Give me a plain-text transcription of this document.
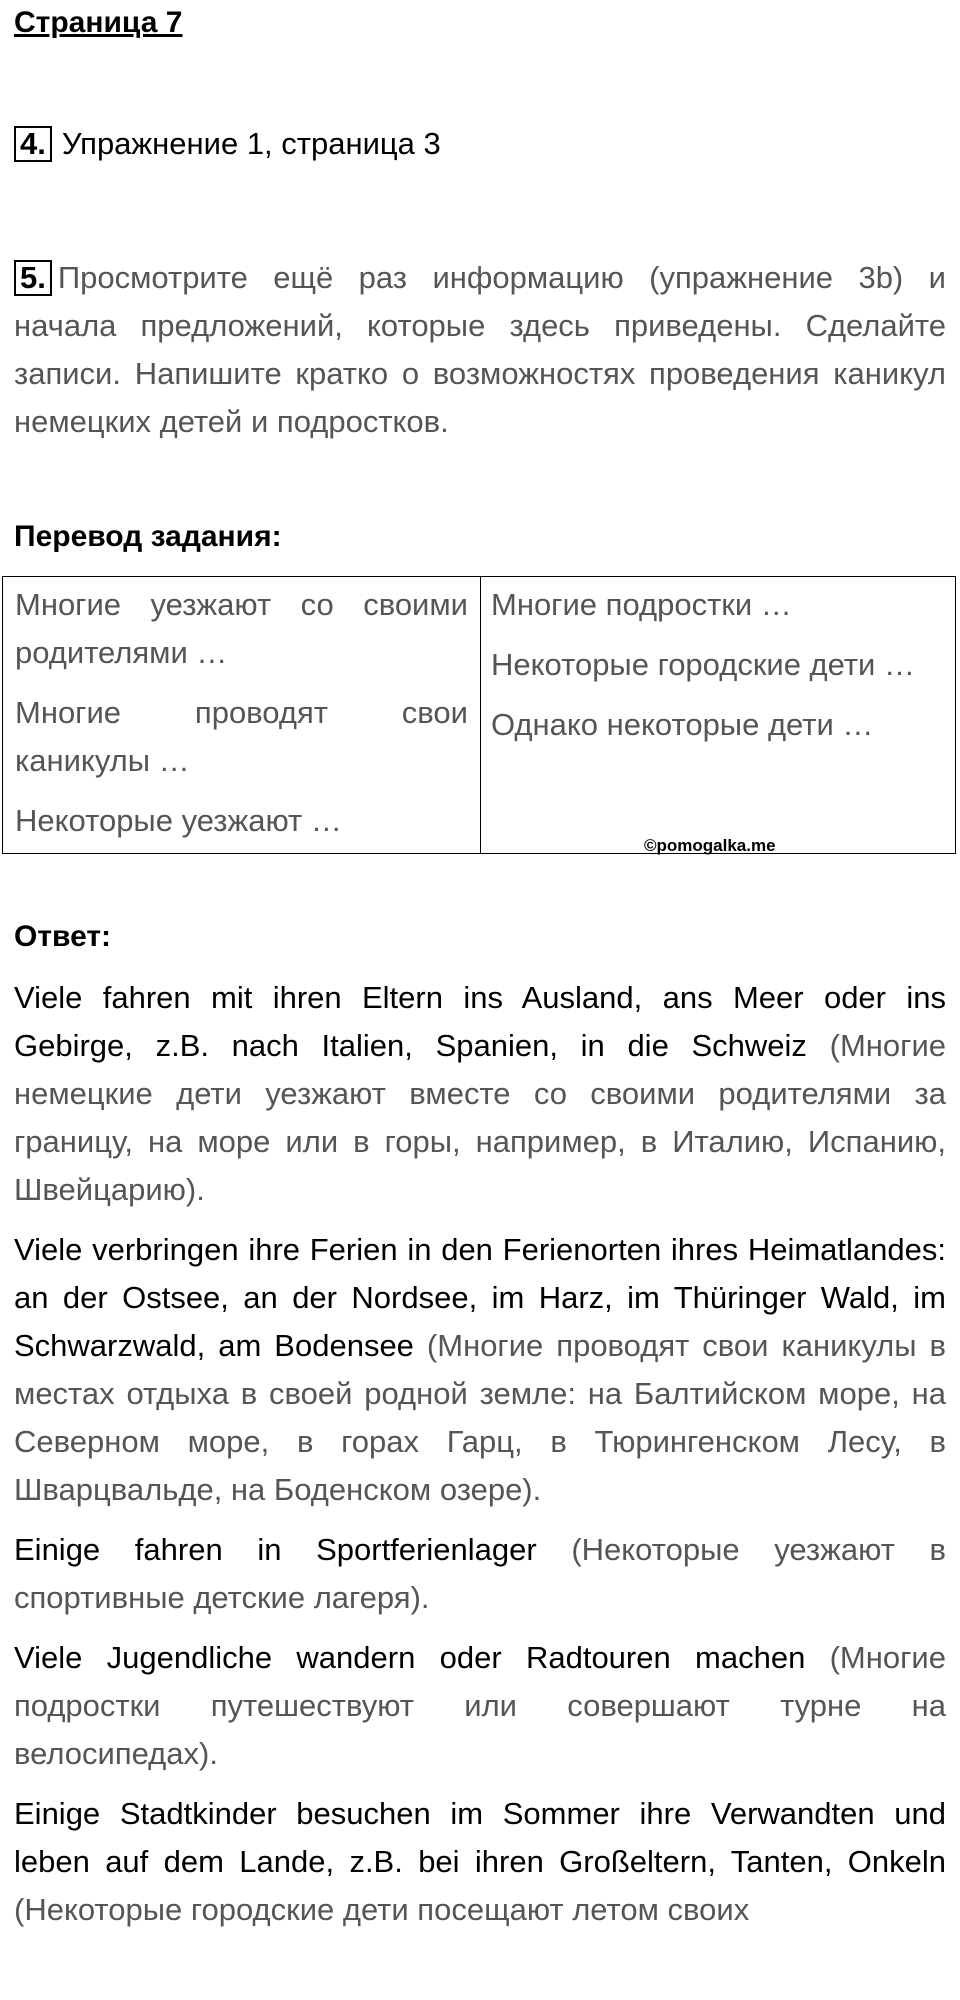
Страница 7
4. Упражнение 1, страница 3
5. Просмотрите ещё раз информацию (упражнение 3b) и начала предложений, которые здесь приведены. Сделайте записи. Напишите кратко о возможностях проведения каникул немецких детей и подростков.
Перевод задания:

Многие уезжают со своими родителями …

Многие проводят свои каникулы …

Некоторые уезжают …

Многие подростки …

Некоторые городские дети …

Однако некоторые дети …

©pomogalka.me
Ответ:

Viele fahren mit ihren Eltern ins Ausland, ans Meer oder ins Gebirge, z.B. nach Italien, Spanien, in die Schweiz (Многие немецкие дети уезжают вместе со своими родителями за границу, на море или в горы, например, в Италию, Испанию, Швейцарию).

Viele verbringen ihre Ferien in den Ferienorten ihres Heimatlandes: an der Ostsee, an der Nordsee, im Harz, im Thüringer Wald, im Schwarzwald, am Bodensee (Многие проводят свои каникулы в местах отдыха в своей родной земле: на Балтийском море, на Северном море, в горах Гарц, в Тюрингенском Лесу, в Шварцвальде, на Боденском озере).

Einige fahren in Sportferienlager (Некоторые уезжают в спортивные детские лагеря).

Viele Jugendliche wandern oder Radtouren machen (Многие подростки путешествуют или совершают турне на велосипедах).

Einige Stadtkinder besuchen im Sommer ihre Verwandten und leben auf dem Lande, z.B. bei ihren Großeltern, Tanten, Onkeln (Некоторые городские дети посещают летом своих
